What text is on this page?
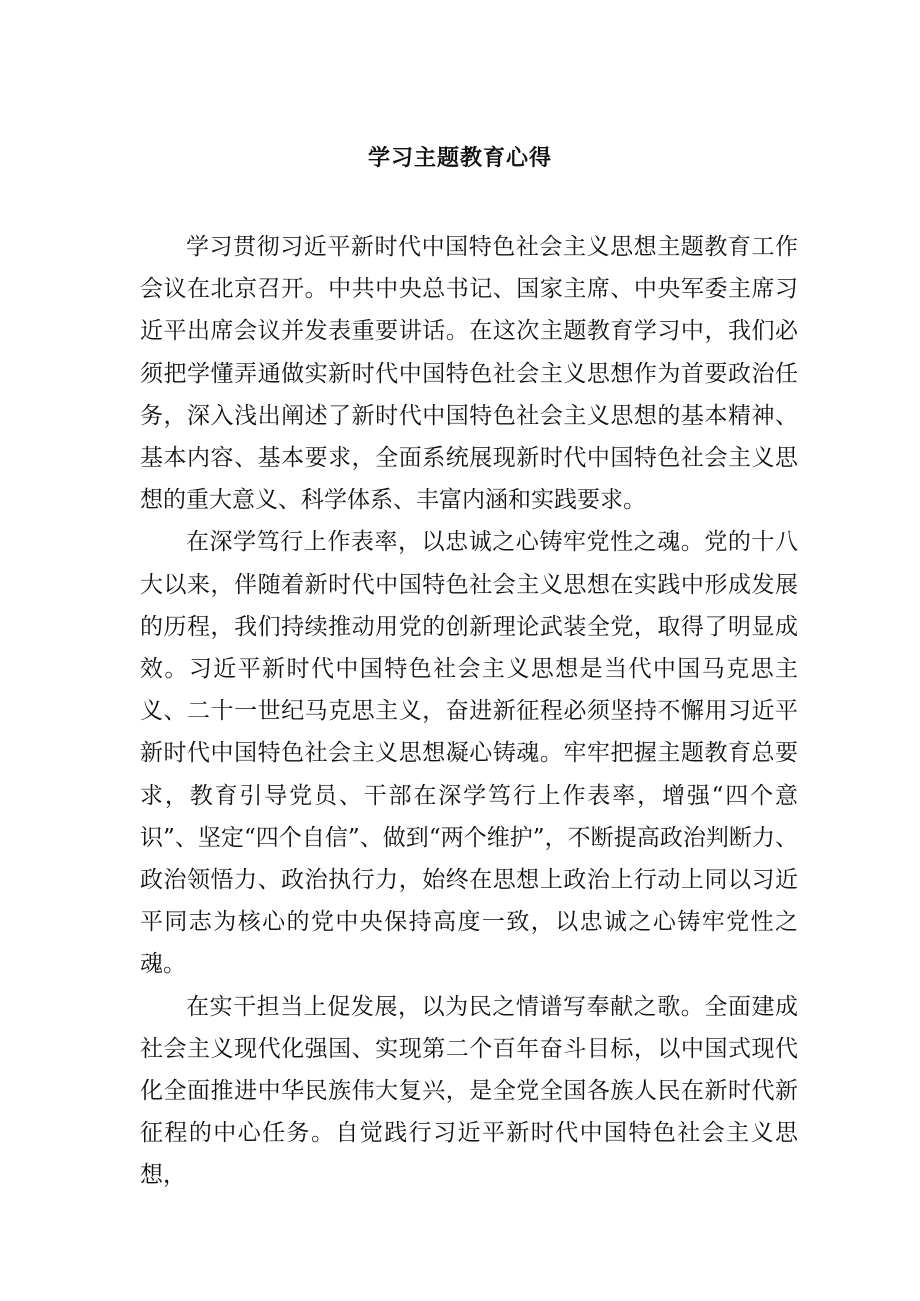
学习主题教育心得

学习贯彻习近平新时代中国特色社会主义思想主题教育工作会议在北京召开。中共中央总书记、国家主席、中央军委主席习近平出席会议并发表重要讲话。在这次主题教育学习中，我们必须把学懂弄通做实新时代中国特色社会主义思想作为首要政治任务，深入浅出阐述了新时代中国特色社会主义思想的基本精神、基本内容、基本要求，全面系统展现新时代中国特色社会主义思想的重大意义、科学体系、丰富内涵和实践要求。

在深学笃行上作表率，以忠诚之心铸牢党性之魂。党的十八大以来，伴随着新时代中国特色社会主义思想在实践中形成发展的历程，我们持续推动用党的创新理论武装全党，取得了明显成效。习近平新时代中国特色社会主义思想是当代中国马克思主义、二十一世纪马克思主义，奋进新征程必须坚持不懈用习近平新时代中国特色社会主义思想凝心铸魂。牢牢把握主题教育总要求，教育引导党员、干部在深学笃行上作表率，增强“四个意识”、坚定“四个自信”、做到“两个维护”，不断提高政治判断力、政治领悟力、政治执行力，始终在思想上政治上行动上同以习近平同志为核心的党中央保持高度一致，以忠诚之心铸牢党性之魂。

在实干担当上促发展，以为民之情谱写奉献之歌。全面建成社会主义现代化强国、实现第二个百年奋斗目标，以中国式现代化全面推进中华民族伟大复兴，是全党全国各族人民在新时代新征程的中心任务。自觉践行习近平新时代中国特色社会主义思想，
